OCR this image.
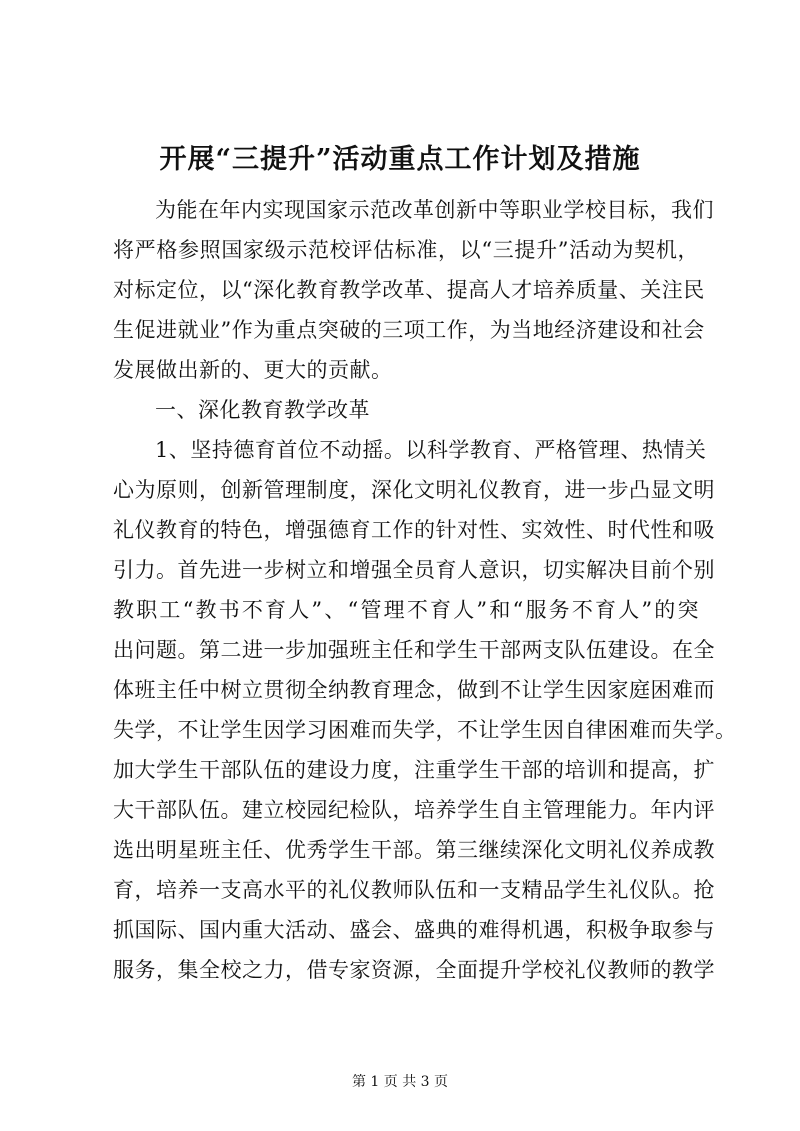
开展“三提升”活动重点工作计划及措施
为能在年内实现国家示范改革创新中等职业学校目标，我们
将严格参照国家级示范校评估标准，以“三提升”活动为契机，
对标定位，以“深化教育教学改革、提高人才培养质量、关注民
生促进就业”作为重点突破的三项工作，为当地经济建设和社会
发展做出新的、更大的贡献。
一、深化教育教学改革
1、坚持德育首位不动摇。以科学教育、严格管理、热情关
心为原则，创新管理制度，深化文明礼仪教育，进一步凸显文明
礼仪教育的特色，增强德育工作的针对性、实效性、时代性和吸
引力。首先进一步树立和增强全员育人意识，切实解决目前个别
教职工“教书不育人”、“管理不育人”和“服务不育人”的突
出问题。第二进一步加强班主任和学生干部两支队伍建设。在全
体班主任中树立贯彻全纳教育理念，做到不让学生因家庭困难而
失学，不让学生因学习困难而失学，不让学生因自律困难而失学。
加大学生干部队伍的建设力度，注重学生干部的培训和提高，扩
大干部队伍。建立校园纪检队，培养学生自主管理能力。年内评
选出明星班主任、优秀学生干部。第三继续深化文明礼仪养成教
育，培养一支高水平的礼仪教师队伍和一支精品学生礼仪队。抢
抓国际、国内重大活动、盛会、盛典的难得机遇，积极争取参与
服务，集全校之力，借专家资源，全面提升学校礼仪教师的教学
第 1 页 共 3 页
